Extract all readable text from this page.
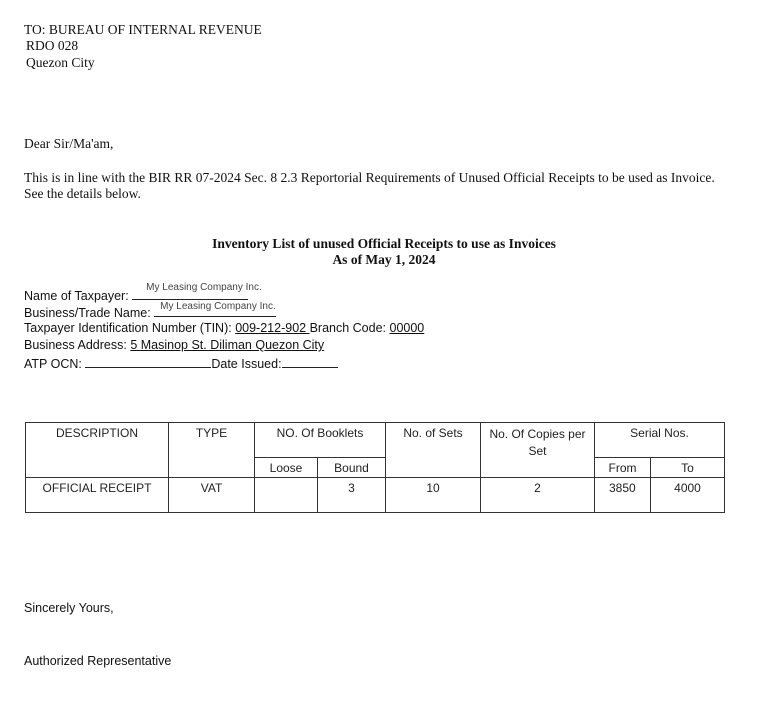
TO: BUREAU OF INTERNAL REVENUE
RDO 028
Quezon City
Dear Sir/Ma'am,
This is in line with the BIR RR 07-2024 Sec. 8 2.3 Reportorial Requirements of Unused Official Receipts to be used as Invoice.
See the details below.
Inventory List of unused Official Receipts to use as Invoices
As of May 1, 2024
Name of Taxpayer:
My Leasing Company Inc.
Business/Trade Name: My Leasing Company Inc.
Taxpayer Identification Number (TIN): 009-212-902 Branch Code: 00000
Business Address: 5 Masinop St. Diliman Quezon City
ATP OCN:	Date Issued:
DESCRIPTION	TYPE	NO. Of Booklets		No. of Sets	No. Of Copies per Set	Serial Nos.	
		Loose	Bound			From	To
OFFICIAL RECEIPT	VAT		3	10	2	3850	4000
Sincerely Yours,
Authorized Representative
